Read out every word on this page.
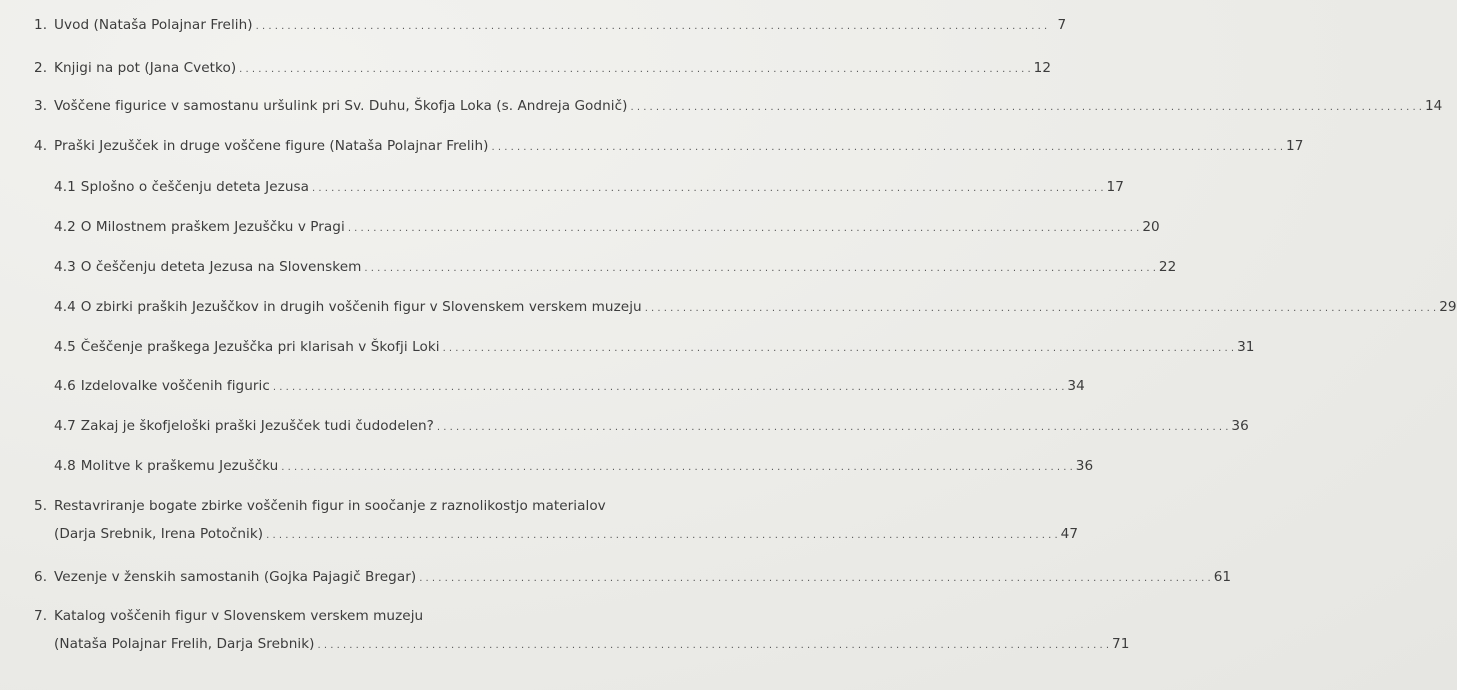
1. Uvod (Nataša Polajnar Frelih) . . .	7
2. Knjigi na pot (Jana Cvetko) . . .	12
3. Voščene figurice v samostanu uršulink pri Sv. Duhu, Škofja Loka (s. Andreja Godnič) . . .	14
4. Praški Jezušček in druge voščene figure (Nataša Polajnar Frelih) . . .	17
4.1 Splošno o češčenju deteta Jezusa . . .	17
4.2 O Milostnem praškem Jezuščku v Pragi . . .	20
4.3 O češčenju deteta Jezusa na Slovenskem . . .	22
4.4 O zbirki praških Jezuščkov in drugih voščenih figur v Slovenskem verskem muzeju . . .	29
4.5 Češčenje praškega Jezuščka pri klarisah v Škofji Loki . . .	31
4.6 Izdelovalke voščenih figuric . . .	34
4.7 Zakaj je škofjeloški praški Jezušček tudi čudodelen? . . .	36
4.8 Molitve k praškemu Jezuščku . . .	36
5. Restavriranje bogate zbirke voščenih figur in soočanje z raznolikostjo materialov
(Darja Srebnik, Irena Potočnik) . . .	47
6. Vezenje v ženskih samostanih (Gojka Pajagič Bregar) . . .	61
7. Katalog voščenih figur v Slovenskem verskem muzeju
(Nataša Polajnar Frelih, Darja Srebnik) . . .	71
